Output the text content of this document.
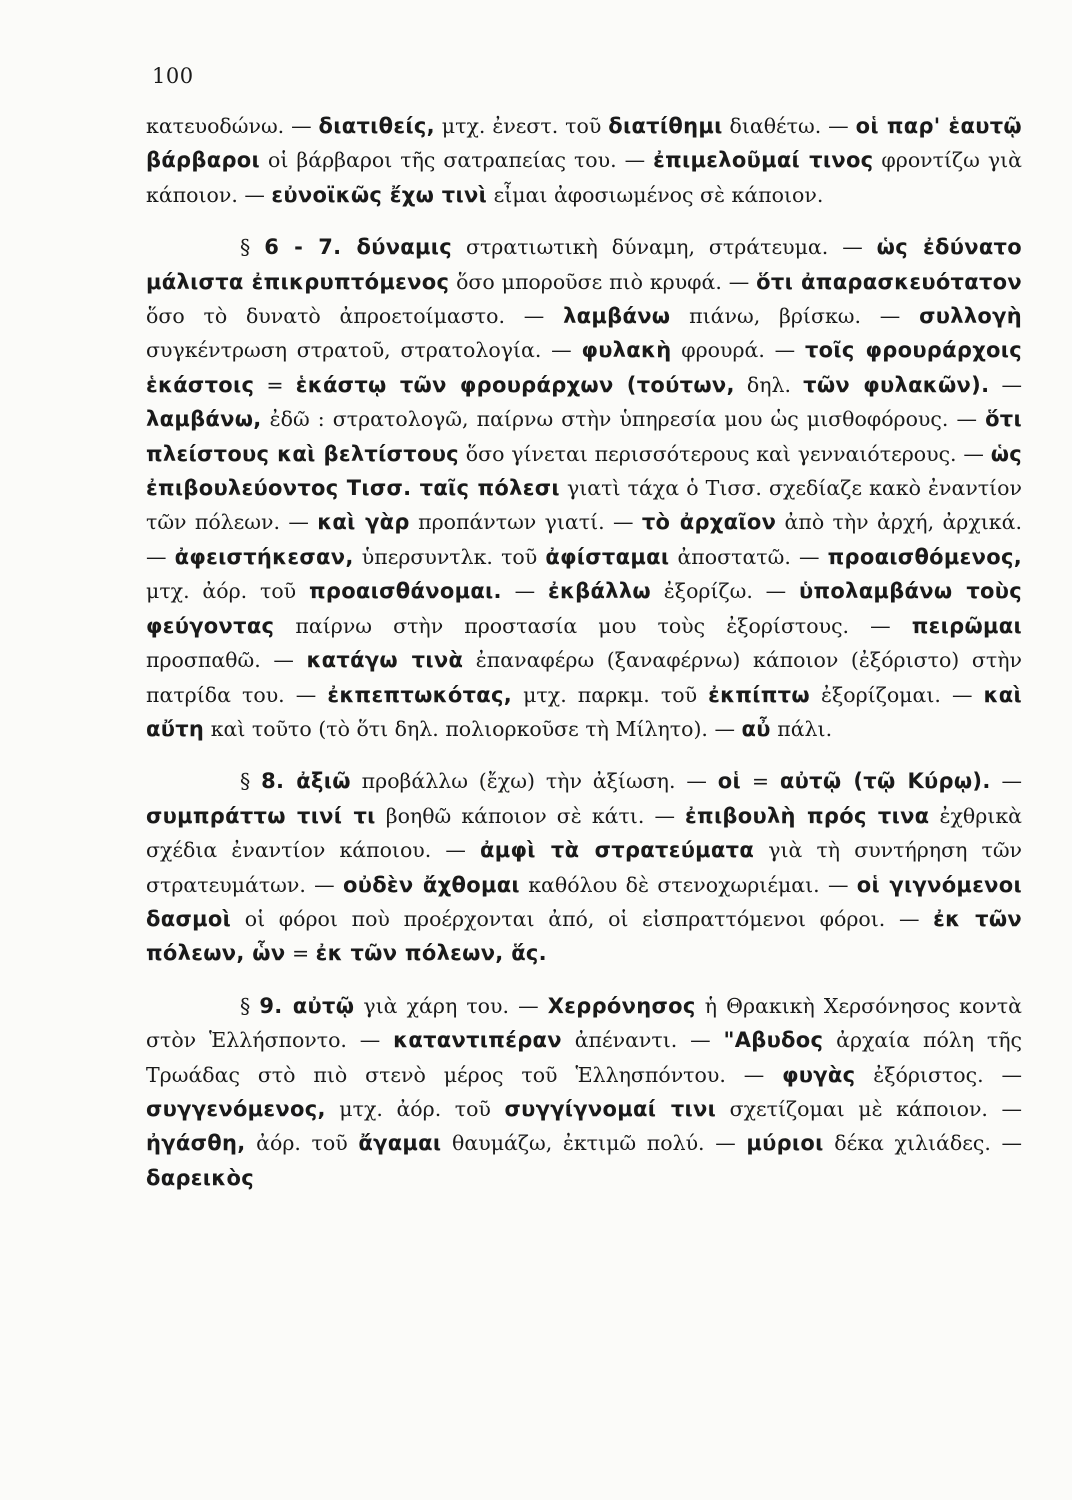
100

κατευοδώνω. — διατιθείς, μτχ. ἐνεστ. τοῦ διατίθημι διαθέτω. — οἱ παρ' ἑαυτῷ βάρβαροι οἱ βάρβαροι τῆς σατραπείας του. — ἐπιμελοῦμαί τινος φροντίζω γιὰ κάποιον. — εὐνοϊκῶς ἔχω τινὶ εἶμαι ἀφοσιωμένος σὲ κάποιον.

§ 6 - 7. δύναμις στρατιωτικὴ δύναμη, στράτευμα. — ὡς ἐδύνατο μάλιστα ἐπικρυπτόμενος ὅσο μποροῦσε πιὸ κρυφά. — ὅτι ἀπαρασκευότατον ὅσο τὸ δυνατὸ ἀπροετοίμαστο. — λαμβάνω πιάνω, βρίσκω. — συλλογὴ συγκέντρωση στρατοῦ, στρατολογία. — φυλακὴ φρουρά. — τοῖς φρουράρχοις ἑκάστοις = ἑκάστῳ τῶν φρουράρχων (τούτων, δηλ. τῶν φυλακῶν). — λαμβάνω, ἐδῶ : στρατολογῶ, παίρνω στὴν ὑπηρεσία μου ὡς μισθοφόρους. — ὅτι πλείστους καὶ βελτίστους ὅσο γίνεται περισσότερους καὶ γενναιότερους. — ὡς ἐπιβουλεύοντος Τισσ. ταῖς πόλεσι γιατὶ τάχα ὁ Τισσ. σχεδίαζε κακὸ ἐναντίον τῶν πόλεων. — καὶ γὰρ προπάντων γιατί. — τὸ ἀρχαῖον ἀπὸ τὴν ἀρχή, ἀρχικά. — ἀφειστήκεσαν, ὑπερσυντλκ. τοῦ ἀφίσταμαι ἀποστατῶ. — προαισθόμενος, μτχ. ἀόρ. τοῦ προαισθάνομαι. — ἐκβάλλω ἐξορίζω. — ὑπολαμβάνω τοὺς φεύγοντας παίρνω στὴν προστασία μου τοὺς ἐξορίστους. — πειρῶμαι προσπαθῶ. — κατάγω τινὰ ἐπαναφέρω (ξαναφέρνω) κάποιον (ἐξόριστο) στὴν πατρίδα του. — ἐκπεπτωκότας, μτχ. παρκμ. τοῦ ἐκπίπτω ἐξορίζομαι. — καὶ αὔτη καὶ τοῦτο (τὸ ὅτι δηλ. πολιορκοῦσε τὴ Μίλητο). — αὖ πάλι.

§ 8. ἀξιῶ προβάλλω (ἔχω) τὴν ἀξίωση. — οἱ = αὐτῷ (τῷ Κύρῳ). — συμπράττω τινί τι βοηθῶ κάποιον σὲ κάτι. — ἐπιβουλὴ πρός τινα ἐχθρικὰ σχέδια ἐναντίον κάποιου. — ἀμφὶ τὰ στρατεύματα γιὰ τὴ συντήρηση τῶν στρατευμάτων. — οὐδὲν ἄχθομαι καθόλου δὲ στενοχωριέμαι. — οἱ γιγνόμενοι δασμοὶ οἱ φόροι ποὺ προέρχονται ἀπό, οἱ εἰσπραττόμενοι φόροι. — ἐκ τῶν πόλεων, ὧν = ἐκ τῶν πόλεων, ἅς.

§ 9. αὐτῷ γιὰ χάρη του. — Χερρόνησος ἡ Θρακικὴ Χερσόνησος κοντὰ στὸν Ἑλλήσποντο. — καταντιπέραν ἀπέναντι. — "Αβυδος ἀρχαία πόλη τῆς Τρωάδας στὸ πιὸ στενὸ μέρος τοῦ Ἑλλησπόντου. — φυγὰς ἐξόριστος. — συγγενόμενος, μτχ. ἀόρ. τοῦ συγγίγνομαί τινι σχετίζομαι μὲ κάποιον. — ἠγάσθη, ἀόρ. τοῦ ἄγαμαι θαυμάζω, ἐκτιμῶ πολύ. — μύριοι δέκα χιλιάδες. — δαρεικὸς
